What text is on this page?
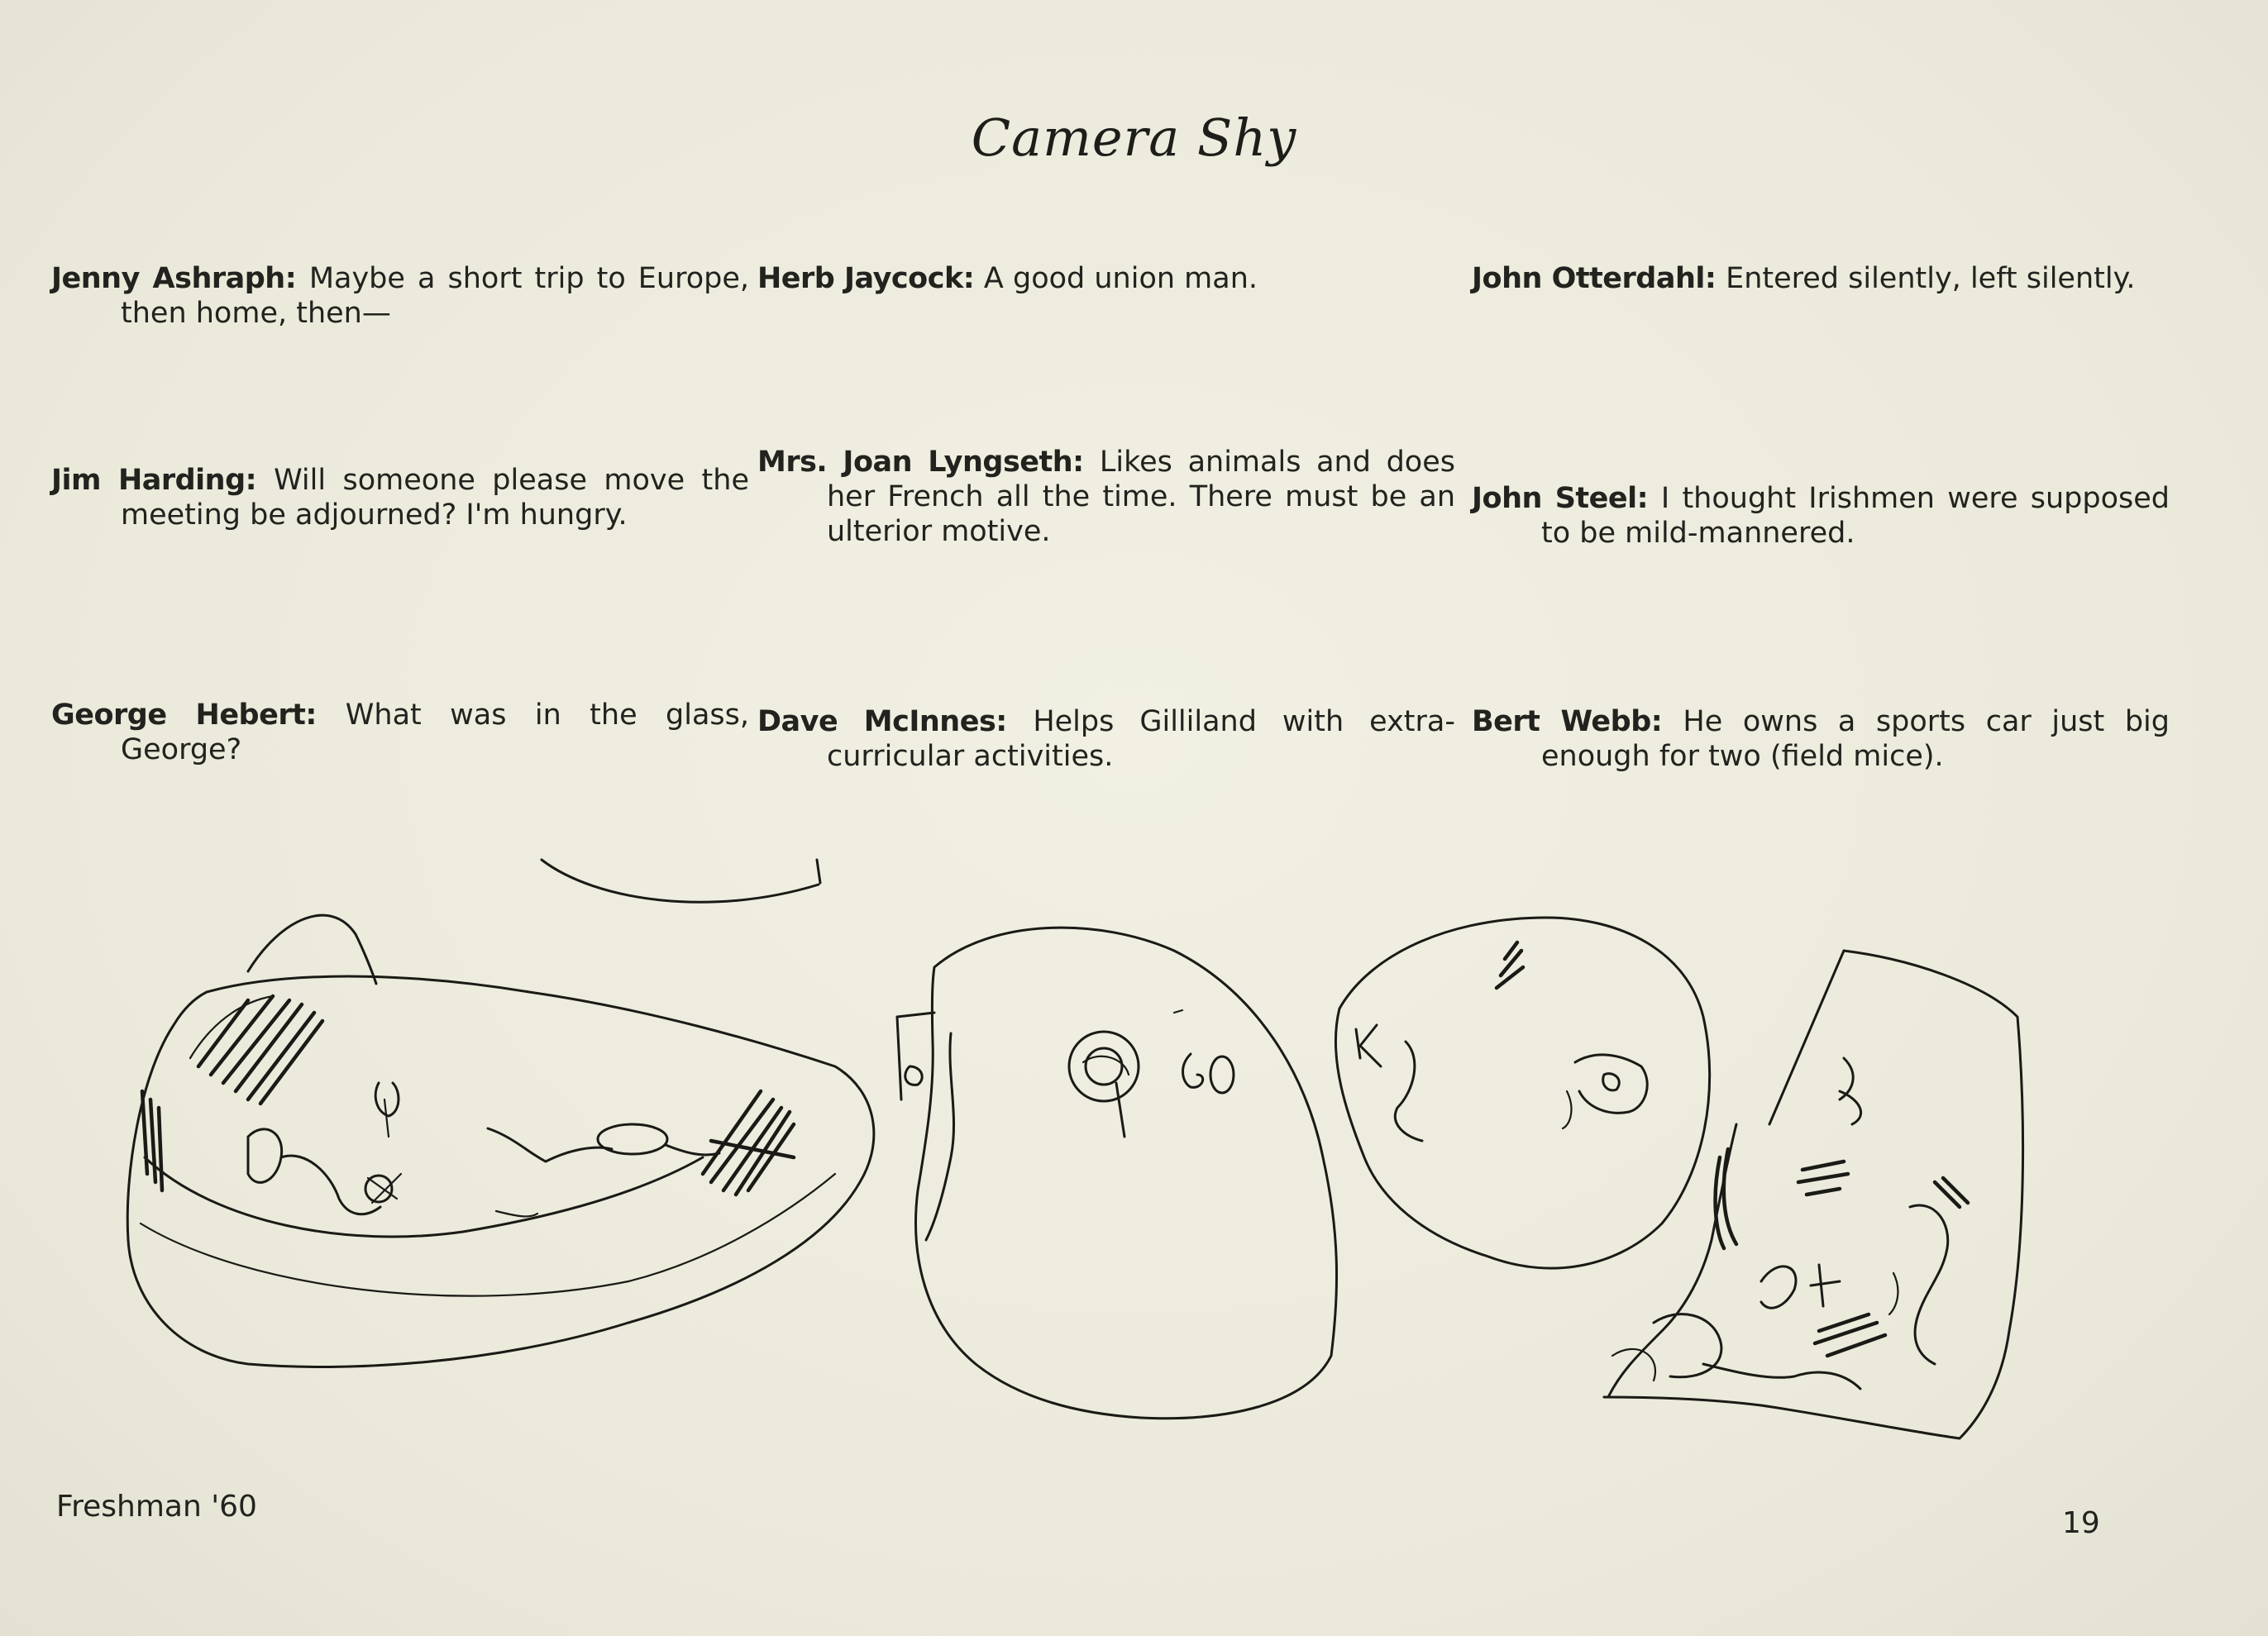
Camera Shy
Jenny Ashraph: Maybe a short trip to Europe, then home, then—
Herb Jaycock: A good union man.	John Otterdahl: Entered silently, left silently.
Jim Harding: Will someone please move the meeting be adjourned? I'm hungry.
Mrs. Joan Lyngseth: Likes animals and does her French all the time. There must be an ulterior motive.
John Steel: I thought Irishmen were supposed to be mild-mannered.
George Hebert: What was in the glass, George?
Dave McInnes: Helps Gilliland with extra-curricular activities.
Bert Webb: He owns a sports car just big enough for two (field mice).
Freshman '60	19
